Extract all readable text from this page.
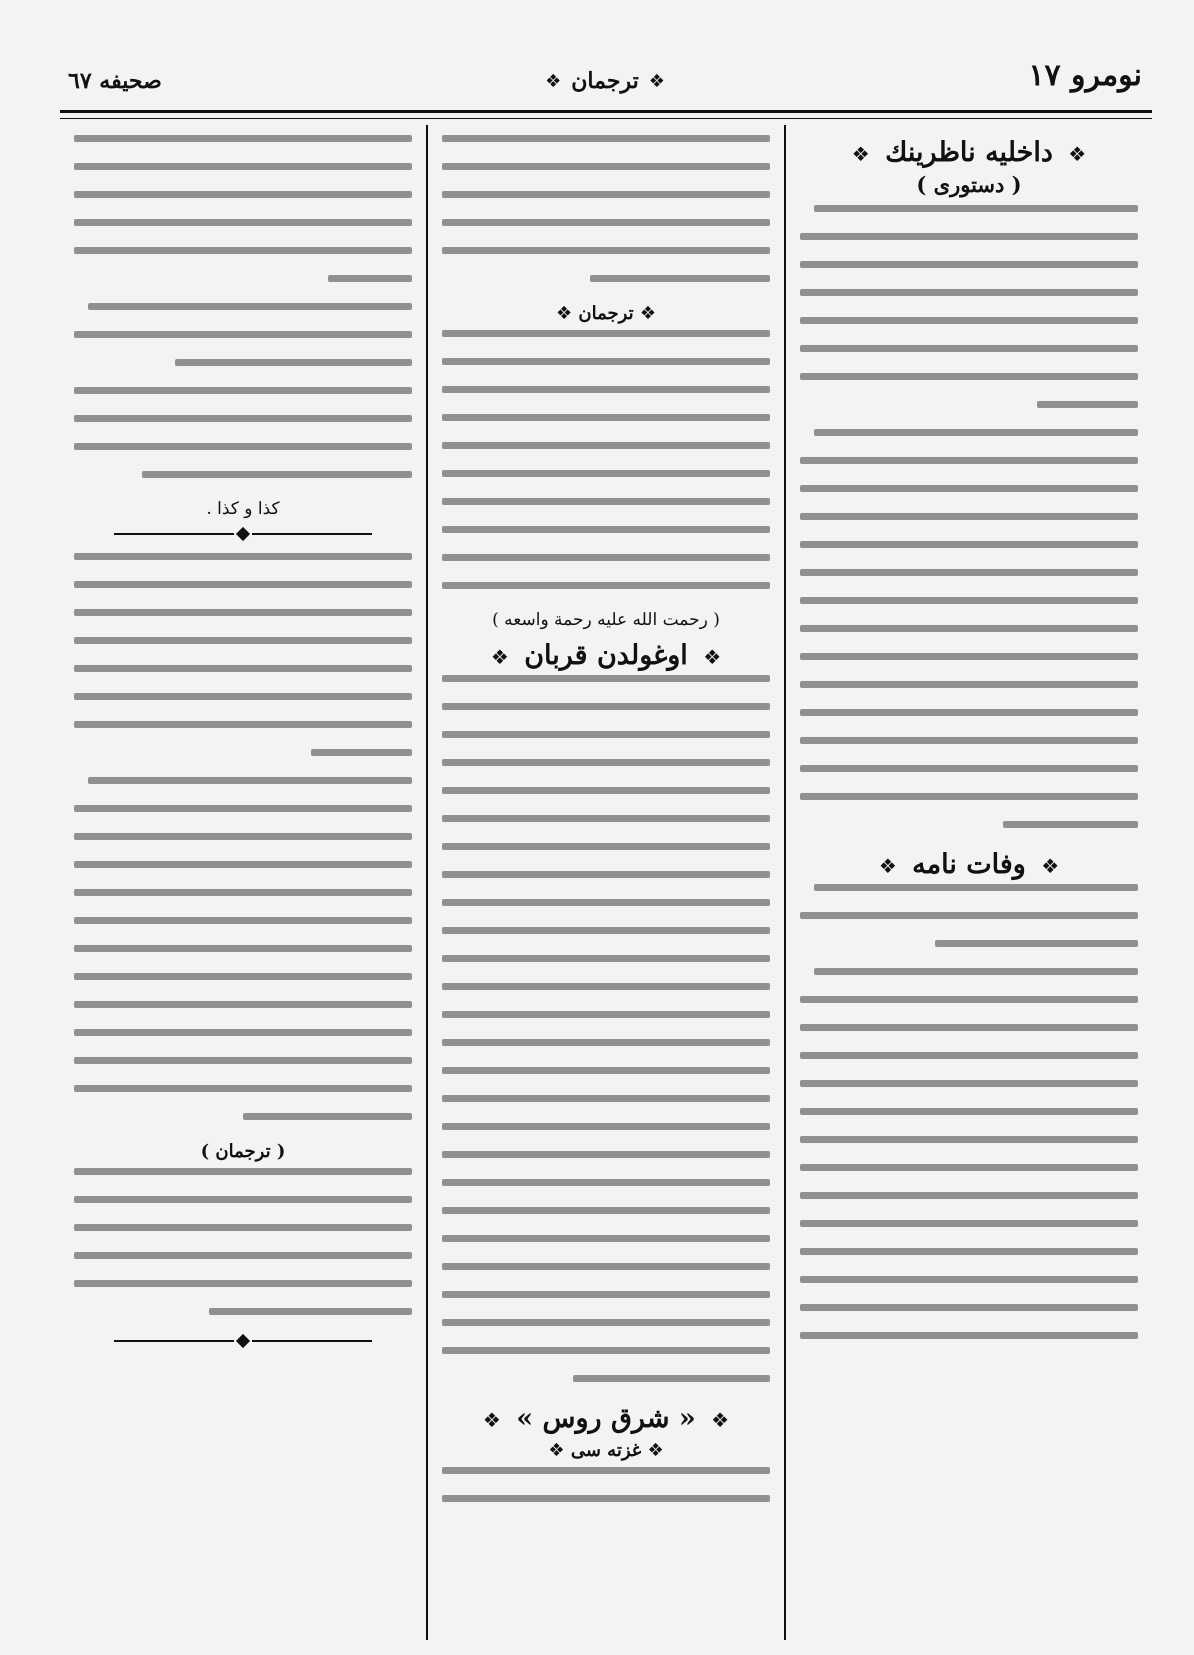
نومرو ١٧
❖
ترجمان
❖
صحيفه ٦٧
❖ داخليه ناظرينك ❖
( دستورى )
❖ وفات نامه ❖
❖ ترجمان ❖
( رحمت الله عليه رحمة واسعه )
❖ اوغولدن قربان ❖
❖ « شرق روس » ❖
❖ غزته سى ❖
كذا و كذا .
( ترجمان )
